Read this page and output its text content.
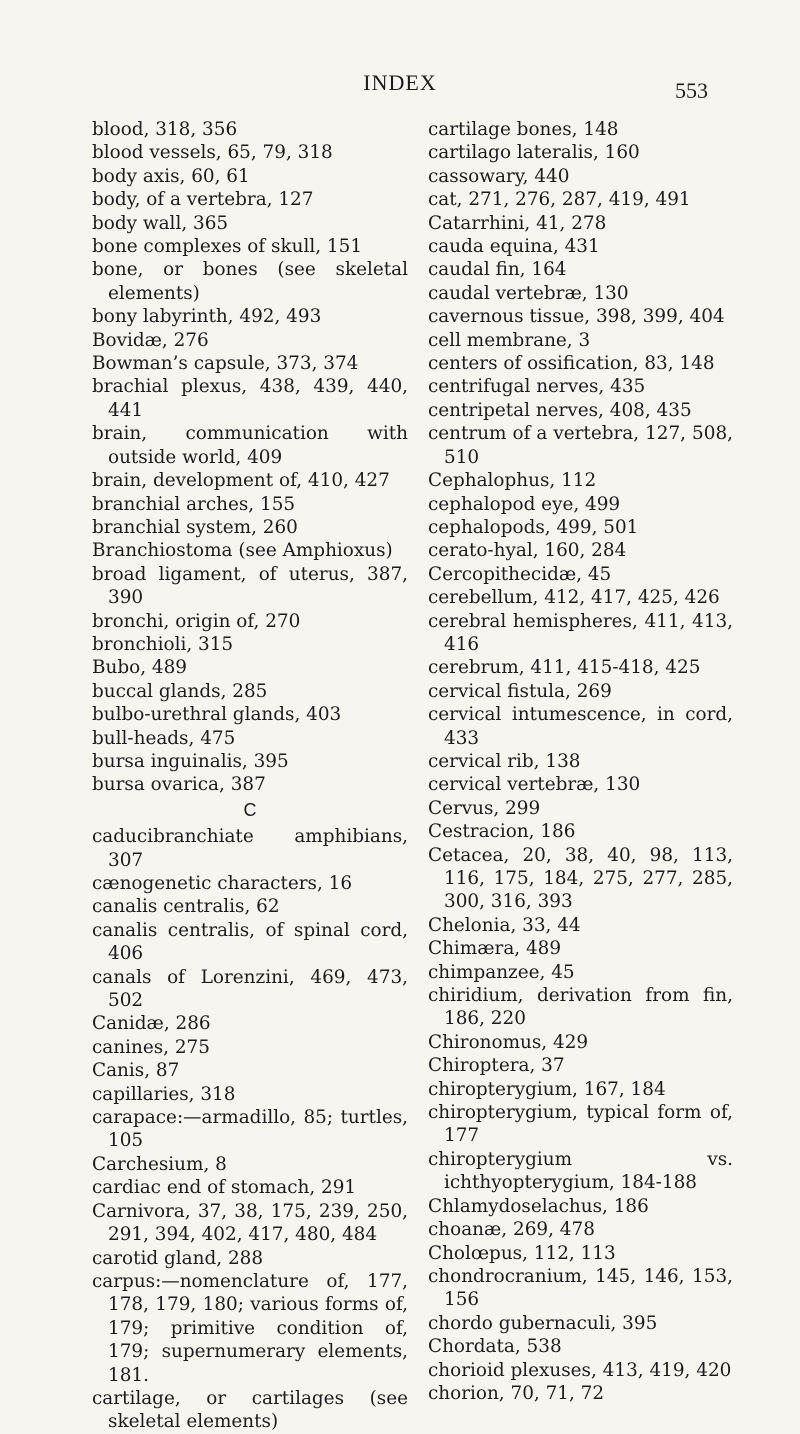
INDEX	553
blood, 318, 356
blood vessels, 65, 79, 318
body axis, 60, 61
body, of a vertebra, 127
body wall, 365
bone complexes of skull, 151
bone, or bones (see skeletal elements)
bony labyrinth, 492, 493
Bovidæ, 276
Bowman’s capsule, 373, 374
brachial plexus, 438, 439, 440, 441
brain, communication with outside world, 409
brain, development of, 410, 427
branchial arches, 155
branchial system, 260
Branchiostoma (see Amphioxus)
broad ligament, of uterus, 387, 390
bronchi, origin of, 270
bronchioli, 315
Bubo, 489
buccal glands, 285
bulbo-urethral glands, 403
bull-heads, 475
bursa inguinalis, 395
bursa ovarica, 387
C
caducibranchiate amphibians, 307
cænogenetic characters, 16
canalis centralis, 62
canalis centralis, of spinal cord, 406
canals of Lorenzini, 469, 473, 502
Canidæ, 286
canines, 275
Canis, 87
capillaries, 318
carapace:—armadillo, 85; turtles, 105
Carchesium, 8
cardiac end of stomach, 291
Carnivora, 37, 38, 175, 239, 250, 291, 394, 402, 417, 480, 484
carotid gland, 288
carpus:—nomenclature of, 177, 178, 179, 180; various forms of, 179; primitive condition of, 179; supernumerary elements, 181.
cartilage, or cartilages (see skeletal elements)
cartilage bones, 148
cartilago lateralis, 160
cassowary, 440
cat, 271, 276, 287, 419, 491
Catarrhini, 41, 278
cauda equina, 431
caudal fin, 164
caudal vertebræ, 130
cavernous tissue, 398, 399, 404
cell membrane, 3
centers of ossification, 83, 148
centrifugal nerves, 435
centripetal nerves, 408, 435
centrum of a vertebra, 127, 508, 510
Cephalophus, 112
cephalopod eye, 499
cephalopods, 499, 501
cerato-hyal, 160, 284
Cercopithecidæ, 45
cerebellum, 412, 417, 425, 426
cerebral hemispheres, 411, 413, 416
cerebrum, 411, 415-418, 425
cervical fistula, 269
cervical intumescence, in cord, 433
cervical rib, 138
cervical vertebræ, 130
Cervus, 299
Cestracion, 186
Cetacea, 20, 38, 40, 98, 113, 116, 175, 184, 275, 277, 285, 300, 316, 393
Chelonia, 33, 44
Chimæra, 489
chimpanzee, 45
chiridium, derivation from fin, 186, 220
Chironomus, 429
Chiroptera, 37
chiropterygium, 167, 184
chiropterygium, typical form of, 177
chiropterygium vs. ichthyopterygium, 184-188
Chlamydoselachus, 186
choanæ, 269, 478
Cholœpus, 112, 113
chondrocranium, 145, 146, 153, 156
chordo gubernaculi, 395
Chordata, 538
chorioid plexuses, 413, 419, 420
chorion, 70, 71, 72
